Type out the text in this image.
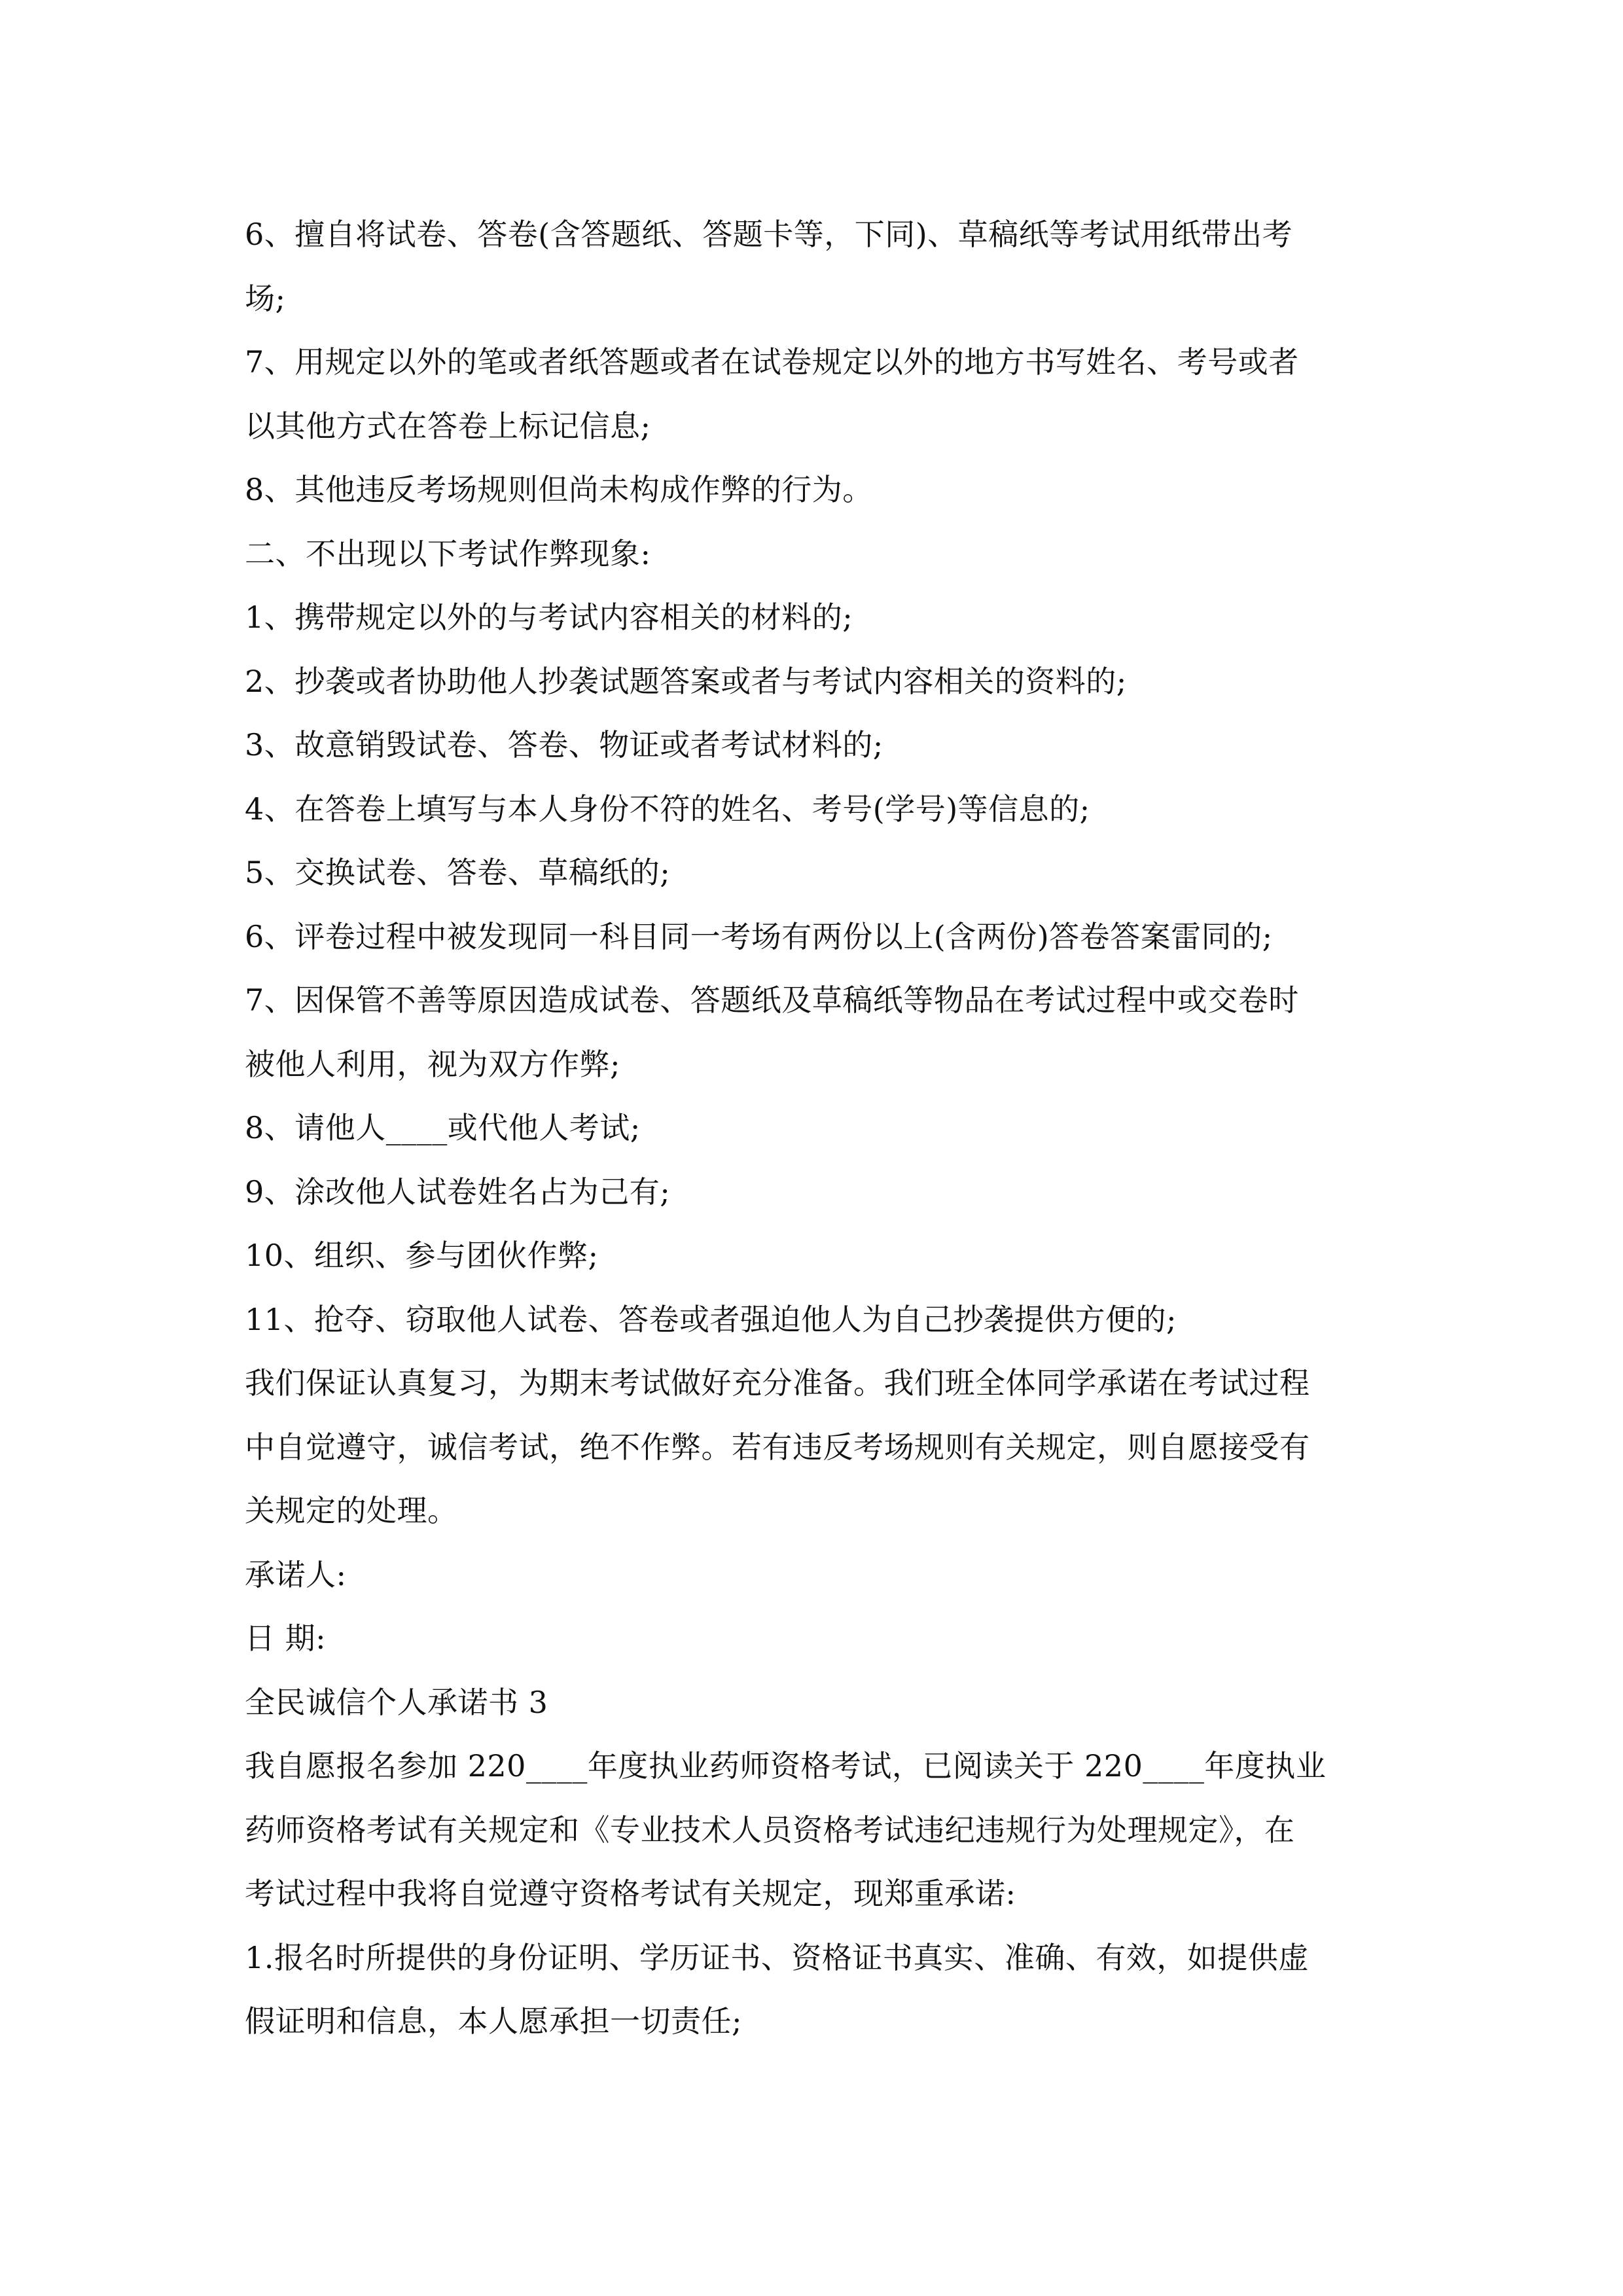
6、擅自将试卷、答卷(含答题纸、答题卡等，下同)、草稿纸等考试用纸带出考
场;
7、用规定以外的笔或者纸答题或者在试卷规定以外的地方书写姓名、考号或者
以其他方式在答卷上标记信息;
8、其他违反考场规则但尚未构成作弊的行为。
二、不出现以下考试作弊现象:
1、携带规定以外的与考试内容相关的材料的;
2、抄袭或者协助他人抄袭试题答案或者与考试内容相关的资料的;
3、故意销毁试卷、答卷、物证或者考试材料的;
4、在答卷上填写与本人身份不符的姓名、考号(学号)等信息的;
5、交换试卷、答卷、草稿纸的;
6、评卷过程中被发现同一科目同一考场有两份以上(含两份)答卷答案雷同的;
7、因保管不善等原因造成试卷、答题纸及草稿纸等物品在考试过程中或交卷时
被他人利用，视为双方作弊;
8、请他人____或代他人考试;
9、涂改他人试卷姓名占为己有;
10、组织、参与团伙作弊;
11、抢夺、窃取他人试卷、答卷或者强迫他人为自己抄袭提供方便的;
我们保证认真复习，为期末考试做好充分准备。我们班全体同学承诺在考试过程
中自觉遵守，诚信考试，绝不作弊。若有违反考场规则有关规定，则自愿接受有
关规定的处理。
承诺人:
日 期:
全民诚信个人承诺书 3
我自愿报名参加 220____年度执业药师资格考试，已阅读关于 220____年度执业
药师资格考试有关规定和《专业技术人员资格考试违纪违规行为处理规定》，在
考试过程中我将自觉遵守资格考试有关规定，现郑重承诺:
1.报名时所提供的身份证明、学历证书、资格证书真实、准确、有效，如提供虚
假证明和信息，本人愿承担一切责任;
